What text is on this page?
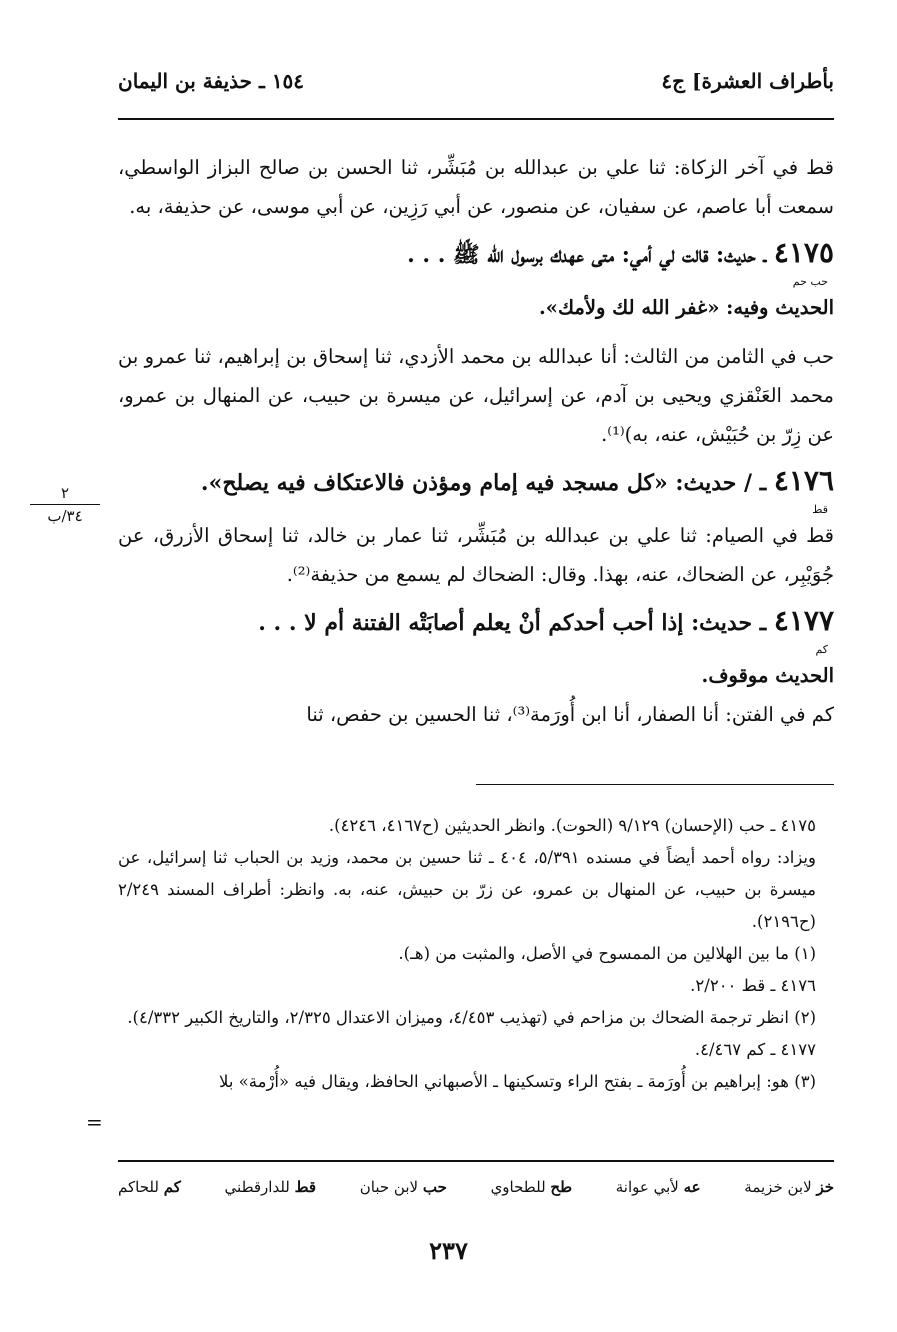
بأطراف العشرة] ج٤
١٥٤ ـ حذيفة بن اليمان
٢
٣٤/ب

قط في آخر الزكاة: ثنا علي بن عبدالله بن مُبَشِّر، ثنا الحسن بن صالح البزاز الواسطي، سمعت أبا عاصم، عن سفيان، عن منصور، عن أبي رَزِين، عن أبي موسى، عن حذيفة، به.

٤١٧٥ ـ حديث: قالت لي أمي: متى عهدك برسول الله ﷺ . . .
حب حم

الحديث وفيه: «غفر الله لك ولأمك».

حب في الثامن من الثالث: أنا عبدالله بن محمد الأزدي، ثنا إسحاق بن إبراهيم، ثنا عمرو بن محمد العَنْقزي ويحيى بن آدم، عن إسرائيل، عن ميسرة بن حبيب، عن المنهال بن عمرو، عن زِرّ بن حُبَيْش، عنه، به)⁽¹⁾.

٤١٧٦ ـ / حديث: «كل مسجد فيه إمام ومؤذن فالاعتكاف فيه يصلح».
قط

قط في الصيام: ثنا علي بن عبدالله بن مُبَشِّر، ثنا عمار بن خالد، ثنا إسحاق الأزرق، عن جُوَيْبِر، عن الضحاك، عنه، بهذا. وقال: الضحاك لم يسمع من حذيفة⁽²⁾.

٤١٧٧ ـ حديث: إذا أحب أحدكم أنْ يعلم أصابَتْه الفتنة أم لا . . .
كم

الحديث موقوف.

كم في الفتن: أنا الصفار، أنا ابن أُورَمة⁽³⁾، ثنا الحسين بن حفص، ثنا

٤١٧٥ ـ حب (الإحسان) ٩/١٢٩ (الحوت). وانظر الحديثين (ح٤١٦٧، ٤٢٤٦).

ويزاد: رواه أحمد أيضاً في مسنده ٥/٣٩١، ٤٠٤ ـ ثنا حسين بن محمد، وزيد بن الحباب ثنا إسرائيل، عن ميسرة بن حبيب، عن المنهال بن عمرو، عن زرّ بن حبيش، عنه، به. وانظر: أطراف المسند ٢/٢٤٩ (ح٢١٩٦).

(١) ما بين الهلالين من الممسوح في الأصل، والمثبت من (هـ).

٤١٧٦ ـ قط ٢/٢٠٠.

(٢) انظر ترجمة الضحاك بن مزاحم في (تهذيب ٤/٤٥٣، وميزان الاعتدال ٢/٣٢٥، والتاريخ الكبير ٤/٣٣٢).

٤١٧٧ ـ كم ٤/٤٦٧.

(٣) هو: إبراهيم بن أُورَمة ـ بفتح الراء وتسكينها ـ الأصبهاني الحافظ، ويقال فيه «أُرْمة» بلا

=
خز لابن خزيمة
عه لأبي عوانة
طح للطحاوي
حب لابن حبان
قط للدارقطني
كم للحاكم
٢٣٧
